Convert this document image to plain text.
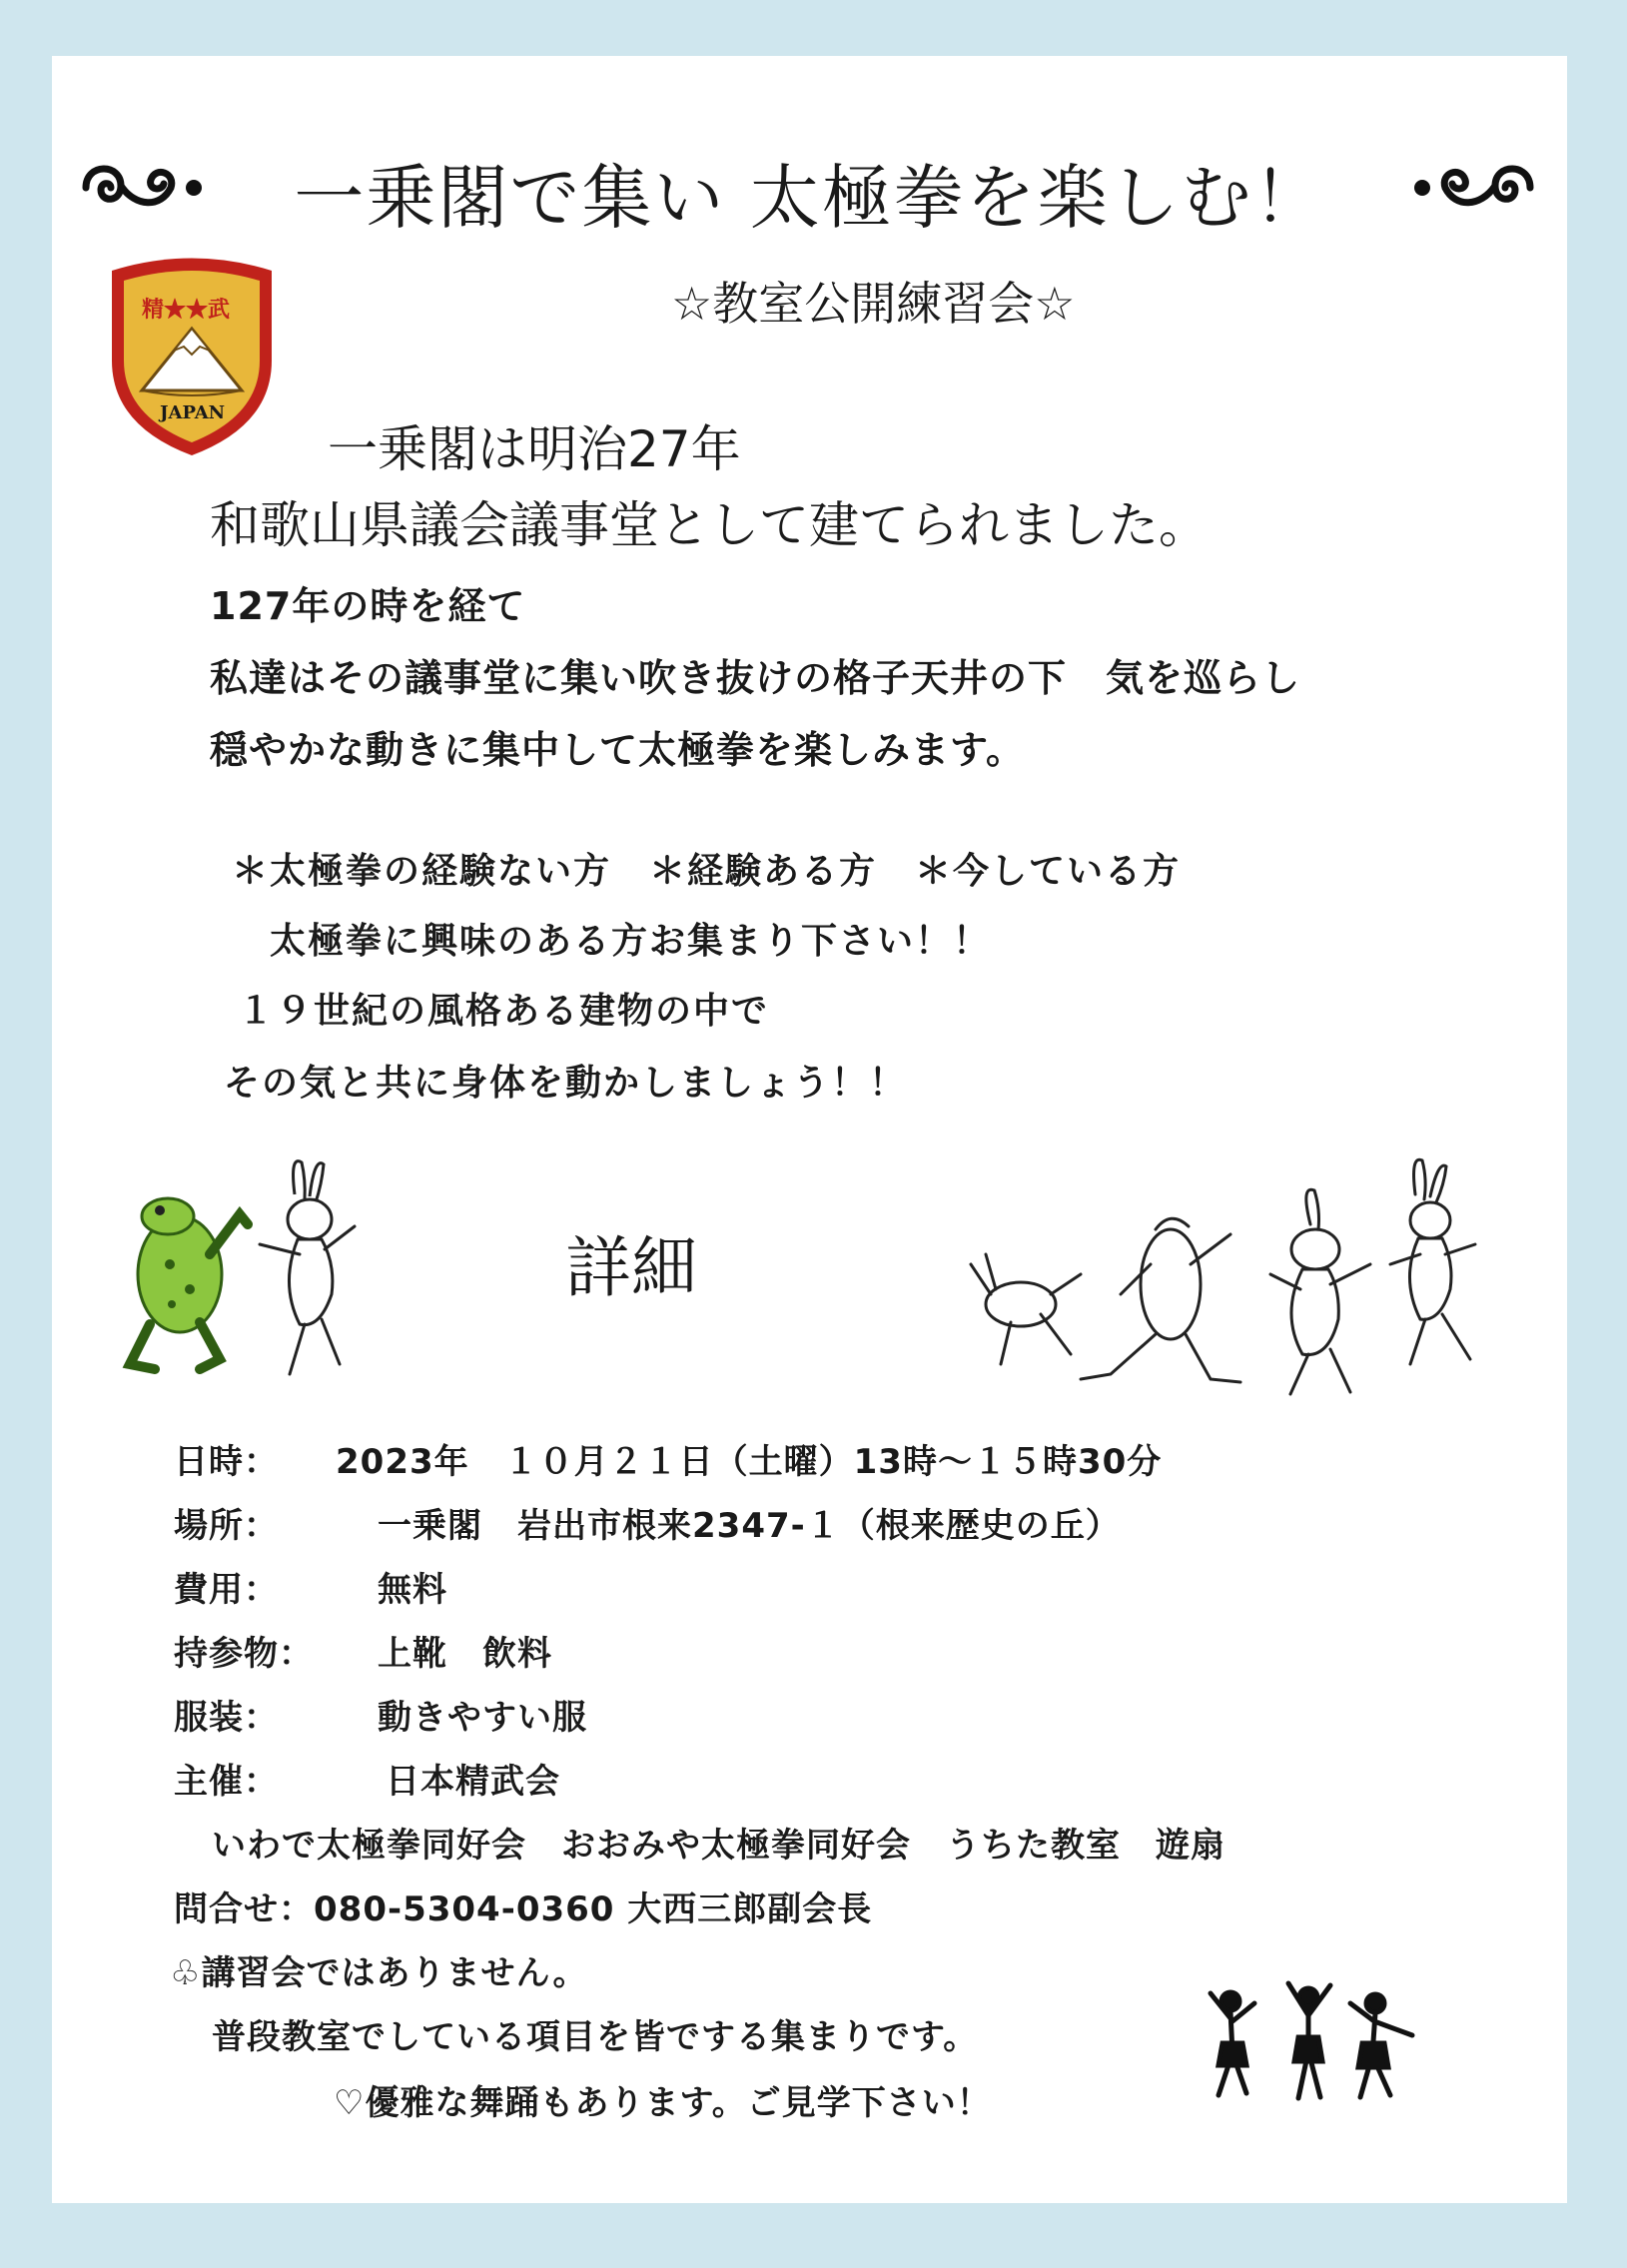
一乗閣で集い 太極拳を楽しむ！
☆教室公開練習会☆
精★★武
JAPAN
一乗閣は明治27年
和歌山県議会議事堂として建てられました。
127年の時を経て
私達はその議事堂に集い吹き抜けの格子天井の下　気を巡らし
穏やかな動きに集中して太極拳を楽しみます。
＊太極拳の経験ない方　＊経験ある方　＊今している方
太極拳に興味のある方お集まり下さい！！
１９世紀の風格ある建物の中で
その気と共に身体を動かしましょう！！
詳細
日時： 2023年　１０月２１日（土曜）13時～１５時30分
場所：	一乗閣　岩出市根来2347-１（根来歴史の丘）
費用：	無料
持参物： 上靴　飲料
服装：	動きやすい服
主催：	日本精武会
いわで太極拳同好会　おおみや太極拳同好会　うちた教室　遊扇
問合せ：080-5304-0360 大西三郎副会長
♧講習会ではありません。
普段教室でしている項目を皆でする集まりです。
♡優雅な舞踊もあります。ご見学下さい！
